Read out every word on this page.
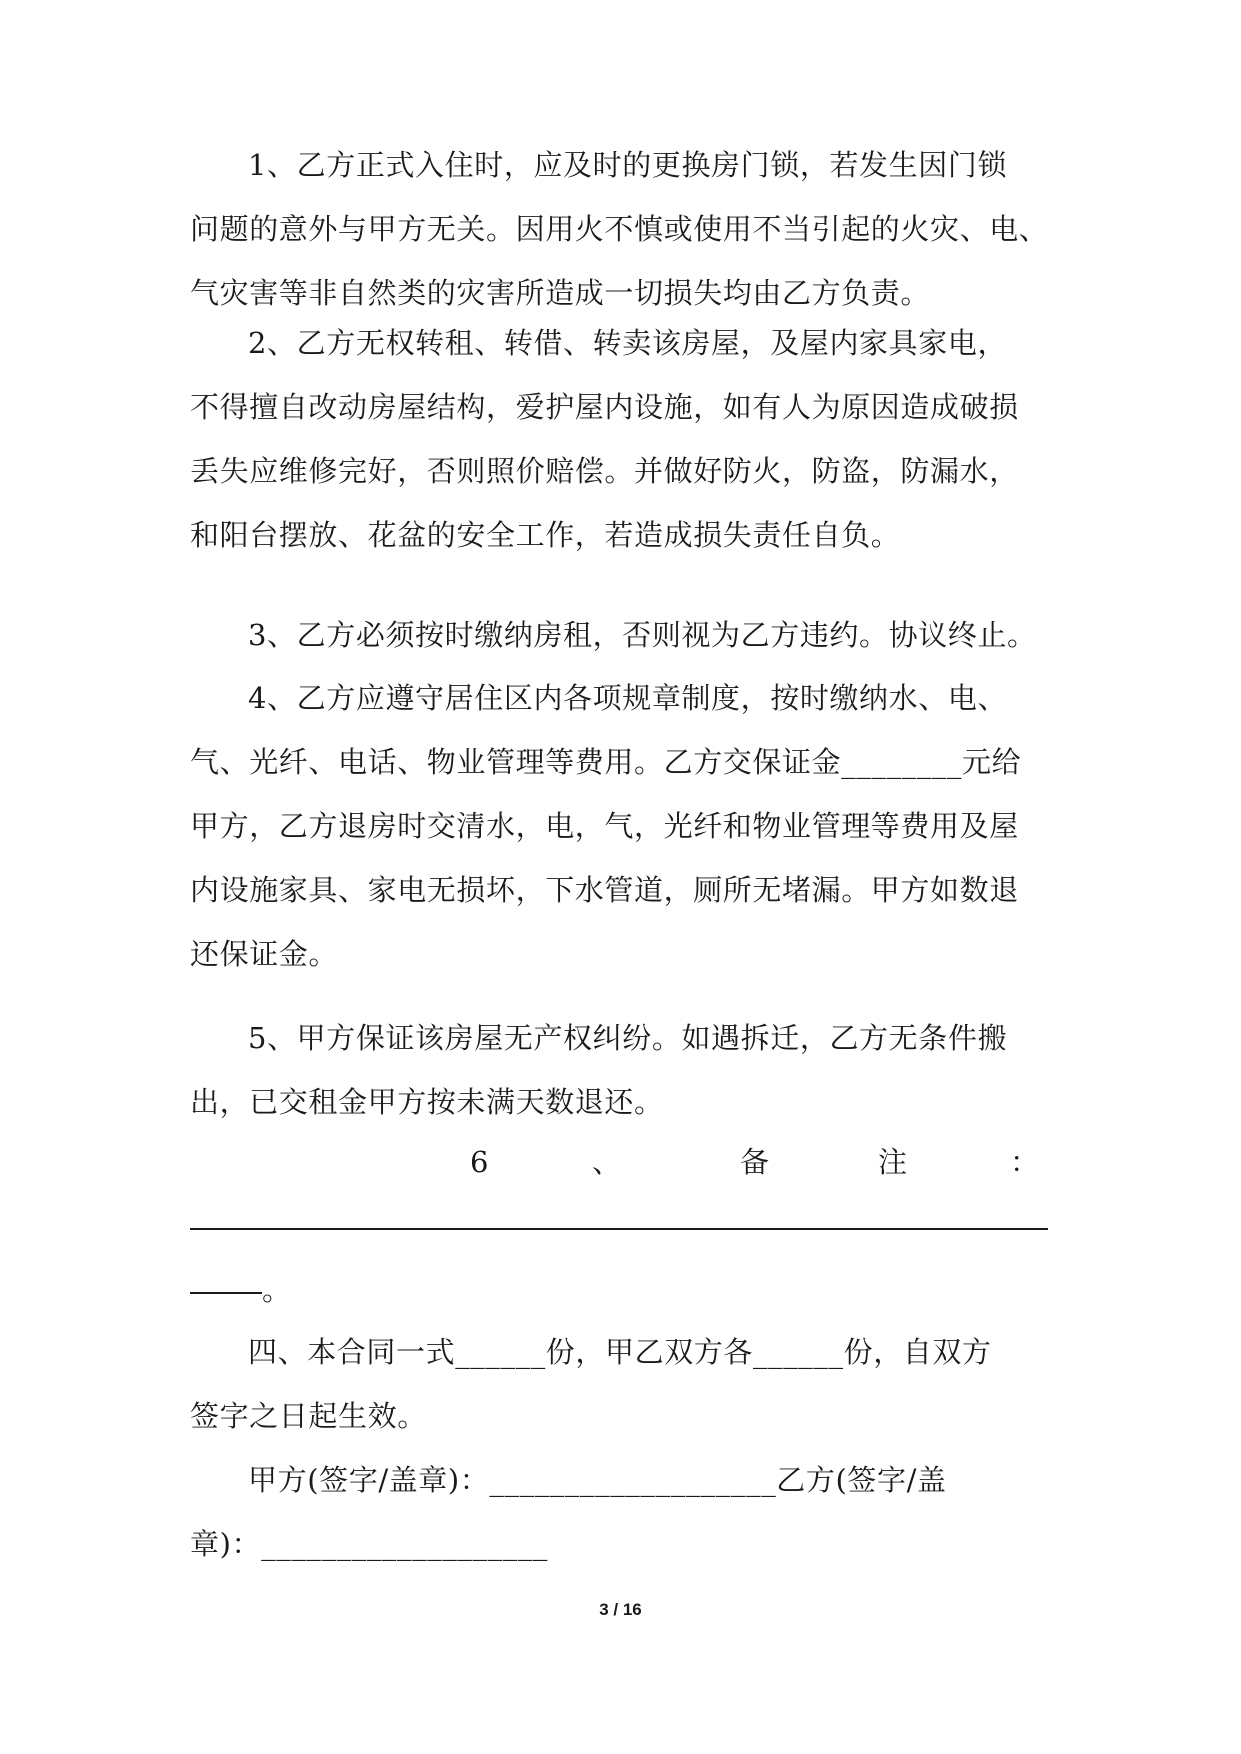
1、乙方正式入住时，应及时的更换房门锁，若发生因门锁
问题的意外与甲方无关。因用火不慎或使用不当引起的火灾、电、
气灾害等非自然类的灾害所造成一切损失均由乙方负责。

2、乙方无权转租、转借、转卖该房屋，及屋内家具家电，
不得擅自改动房屋结构，爱护屋内设施，如有人为原因造成破损
丢失应维修完好，否则照价赔偿。并做好防火，防盗，防漏水，
和阳台摆放、花盆的安全工作，若造成损失责任自负。

3、乙方必须按时缴纳房租，否则视为乙方违约。协议终止。

4、乙方应遵守居住区内各项规章制度，按时缴纳水、电、
气、光纤、电话、物业管理等费用。乙方交保证金________元给
甲方，乙方退房时交清水，电，气，光纤和物业管理等费用及屋
内设施家具、家电无损坏，下水管道，厕所无堵漏。甲方如数退
还保证金。

5、甲方保证该房屋无产权纠纷。如遇拆迁，乙方无条件搬
出，已交租金甲方按未满天数退还。

6	、	备	注	：
。

四、本合同一式______份，甲乙双方各______份，自双方
签字之日起生效。

甲方(签字/盖章)：___________________乙方(签字/盖
章)：___________________

3 / 16
